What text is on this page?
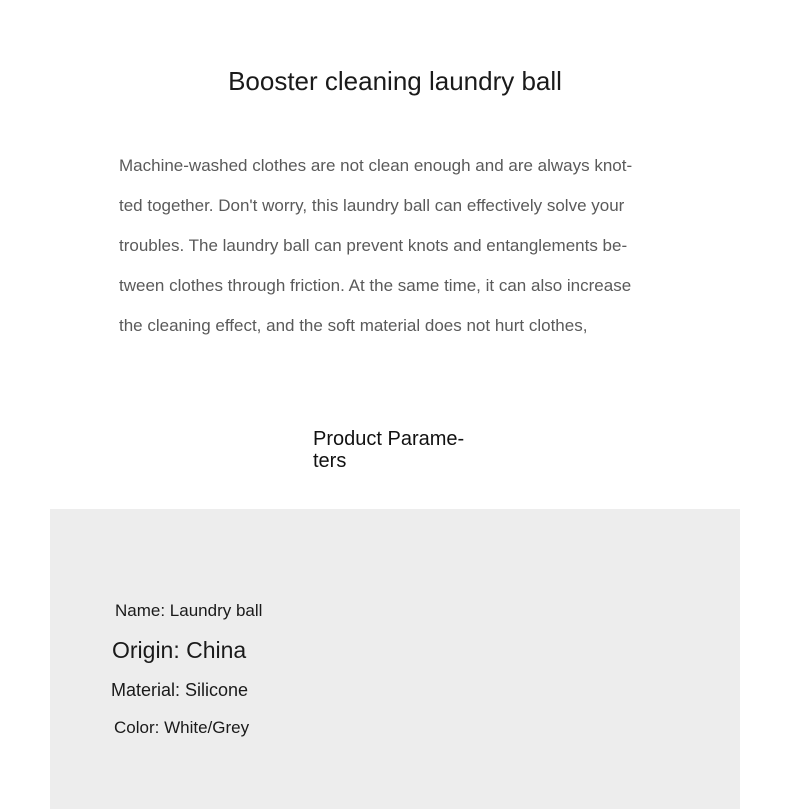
Booster cleaning laundry ball

Machine-washed clothes are not clean enough and are always knot-
ted together. Don't worry, this laundry ball can effectively solve your
troubles. The laundry ball can prevent knots and entanglements be-
tween clothes through friction. At the same time, it can also increase
the cleaning effect, and the soft material does not hurt clothes,

Product Parame-
ters

Name: Laundry ball

Origin: China

Material: Silicone

Color: White/Grey
